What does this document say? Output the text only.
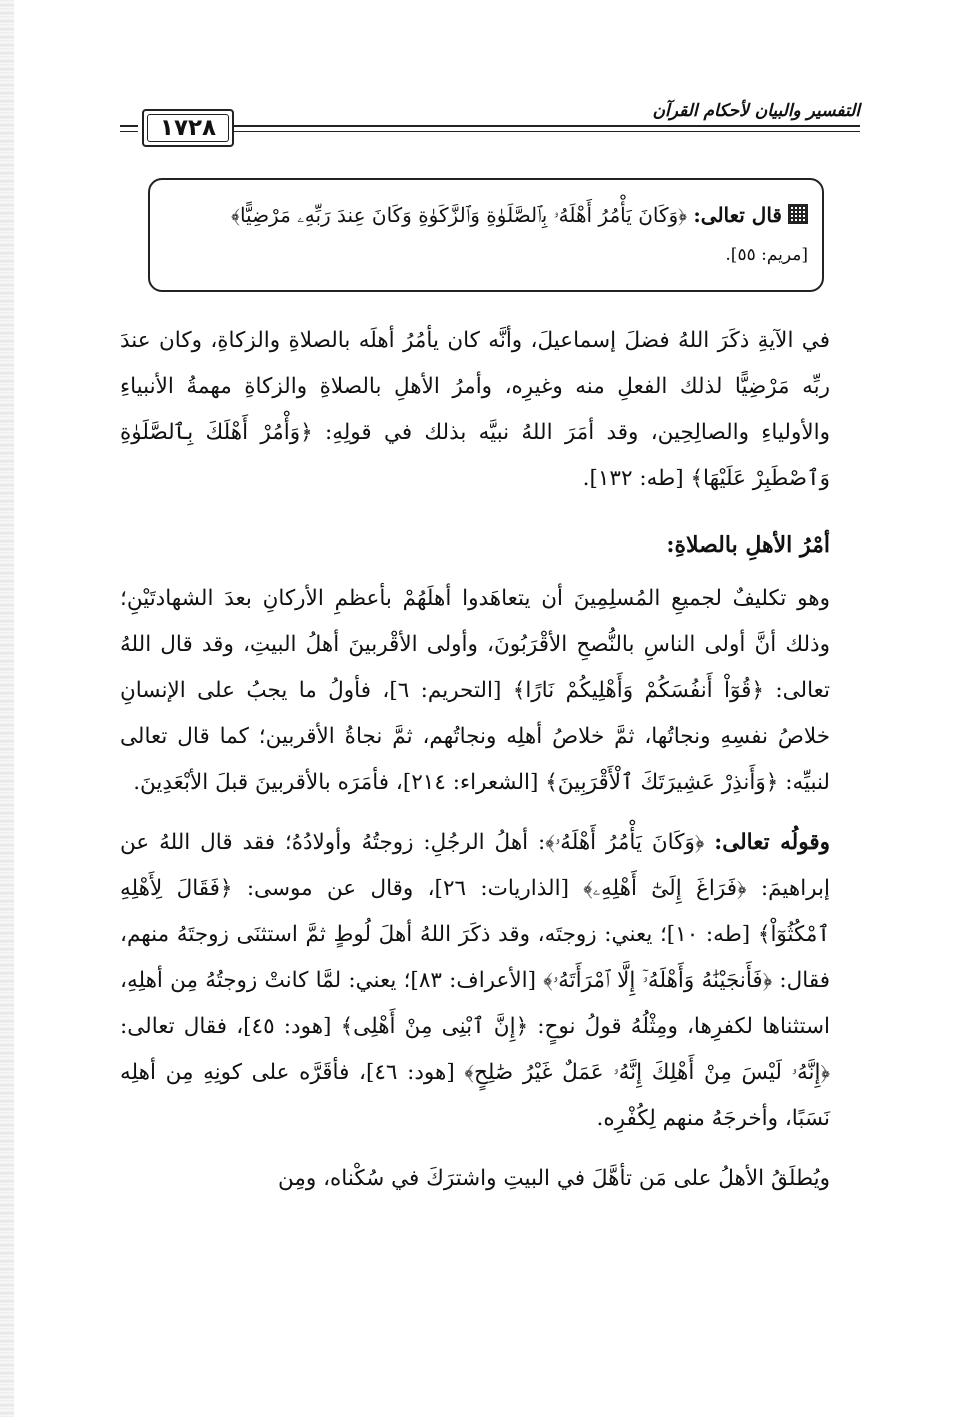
١٧٢٨
التفسير والبيان لأحكام القرآن
قال تعالى: ﴿وَكَانَ يَأْمُرُ أَهْلَهُۥ بِٱلصَّلَوٰةِ وَٱلزَّكَوٰةِ وَكَانَ عِندَ رَبِّهِۦ مَرْضِيًّا﴾
[مريم: ٥٥].

في الآيةِ ذكَرَ اللهُ فضلَ إسماعيلَ، وأنَّه كان يأمُرُ أهلَه بالصلاةِ والزكاةِ، وكان عندَ ربِّه مَرْضِيًّا لذلك الفعلِ منه وغيرِه، وأمرُ الأهلِ بالصلاةِ والزكاةِ مهمةُ الأنبياءِ والأولياءِ والصالِحِين، وقد أمَرَ اللهُ نبيَّه بذلك في قولِهِ: ﴿وَأْمُرْ أَهْلَكَ بِٱلصَّلَوٰةِ وَٱصْطَبِرْ عَلَيْهَا﴾ [طه: ١٣٢].

أمْرُ الأهلِ بالصلاةِ:

وهو تكليفٌ لجميعِ المُسلِمِينَ أن يتعاهَدوا أهلَهُمْ بأعظمِ الأركانِ بعدَ الشهادتَيْنِ؛ وذلك أنَّ أولى الناسِ بالنُّصحِ الأقْرَبُونَ، وأولى الأقْربينَ أهلُ البيتِ، وقد قال اللهُ تعالى: ﴿قُوٓاْ أَنفُسَكُمْ وَأَهْلِيكُمْ نَارًا﴾ [التحريم: ٦]، فأولُ ما يجبُ على الإنسانِ خلاصُ نفسِهِ ونجاتُها، ثمَّ خلاصُ أهلِه ونجاتُهم، ثمَّ نجاةُ الأقربين؛ كما قال تعالى لنبيِّه: ﴿وَأَنذِرْ عَشِيرَتَكَ ٱلْأَقْرَبِينَ﴾ [الشعراء: ٢١٤]، فأمَرَه بالأقربينَ قبلَ الأبْعَدِينَ.

وقولُه تعالى: ﴿وَكَانَ يَأْمُرُ أَهْلَهُۥ﴾: أهلُ الرجُلِ: زوجتُهُ وأولادُهُ؛ فقد قال اللهُ عن إبراهيمَ: ﴿فَرَاغَ إِلَىٰٓ أَهْلِهِۦ﴾ [الذاريات: ٢٦]، وقال عن موسى: ﴿فَقَالَ لِأَهْلِهِ ٱمْكُثُوٓاْ﴾ [طه: ١٠]؛ يعني: زوجتَه، وقد ذكَرَ اللهُ أهلَ لُوطٍ ثمَّ استثنَى زوجتَهُ منهم، فقال: ﴿فَأَنجَيْنَٰهُ وَأَهْلَهُۥٓ إِلَّا ٱمْرَأَتَهُۥ﴾ [الأعراف: ٨٣]؛ يعني: لمَّا كانتْ زوجتُهُ مِن أهلِهِ، استثناها لكفرِها، ومِثْلُهُ قولُ نوحٍ: ﴿إِنَّ ٱبْنِى مِنْ أَهْلِى﴾ [هود: ٤٥]، فقال تعالى: ﴿إِنَّهُۥ لَيْسَ مِنْ أَهْلِكَ إِنَّهُۥ عَمَلٌ غَيْرُ صَٰلِحٍ﴾ [هود: ٤٦]، فأقَرَّه على كونِهِ مِن أهلِه نَسَبًا، وأخرجَهُ منهم لِكُفْرِه.

ويُطلَقُ الأهلُ على مَن تأهَّلَ في البيتِ واشترَكَ في سُكْناه، ومِن
